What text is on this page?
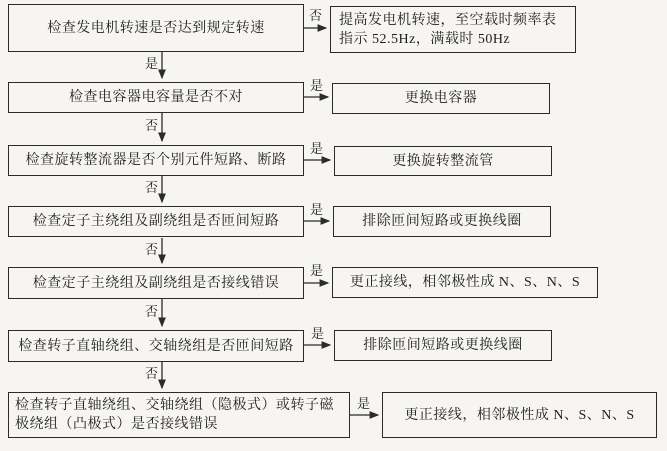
检查发电机转速是否达到规定转速
检查电容器电容量是否不对
检查旋转整流器是否个别元件短路、断路
检查定子主绕组及副绕组是否匝间短路
检查定子主绕组及副绕组是否接线错误
检查转子直轴绕组、交轴绕组是否匝间短路
检查转子直轴绕组、交轴绕组（隐极式）或转子磁极绕组（凸极式）是否接线错误
提高发电机转速，至空载时频率表指示 52.5Hz，满载时 50Hz
更换电容器
更换旋转整流管
排除匝间短路或更换线圈
更正接线，相邻极性成 N、S、N、S
排除匝间短路或更换线圈
更正接线，相邻极性成 N、S、N、S
否
是
是
是
是
是
是
是
否
否
否
否
否
